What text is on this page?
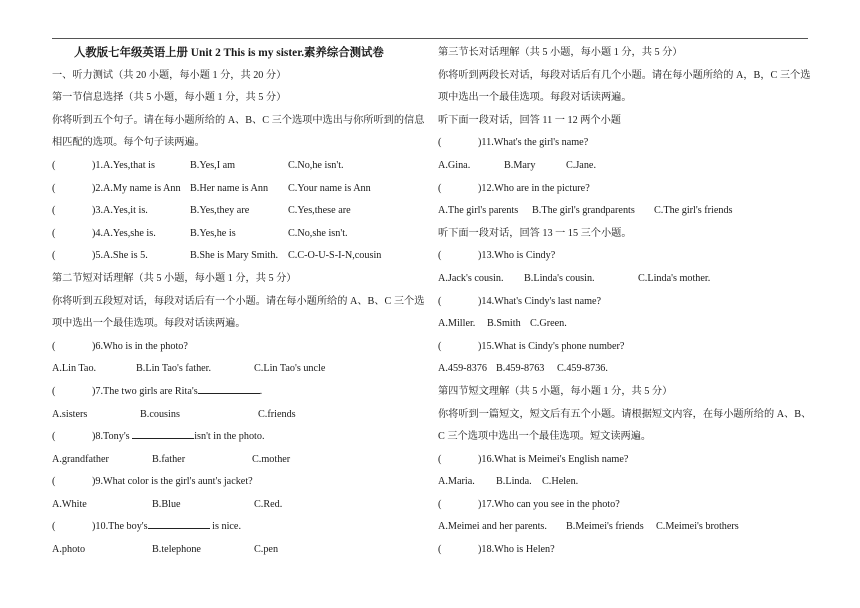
人教版七年级英语上册 Unit 2 This is my sister.素养综合测试卷
一、听力测试（共 20 小题，每小题 1 分，共 20 分）
第一节信息选择（共 5 小题，每小题 1 分，共 5 分）
你将听到五个句子。请在每小题所给的 A、B、C 三个选项中选出与你所听到的信息
相匹配的选项。每个句子读两遍。
(	)1.A.Yes,that is	B.Yes,I am	C.No,he isn't.
(	)2.A.My name is Ann B.Her name is Ann C.Your name is Ann
(	)3.A.Yes,it is.	B.Yes,they are	C.Yes,these are
(	)4.A.Yes,she is.	B.Yes,he is	C.No,she isn't.
(	)5.A.She is 5.	B.She is Mary Smith. C.C-O-U-S-I-N,cousin
第二节短对话理解（共 5 小题，每小题 1 分，共 5 分）
你将听到五段短对话，每段对话后有一个小题。请在每小题所给的 A、B、C 三个选
项中选出一个最佳选项。每段对话读两遍。
(	)6.Who is in the photo?
A.Lin Tao.	B.Lin Tao's father.	C.Lin Tao's uncle
(	)7.The two girls are Rita's	.
A.sisters	B.cousins	C.friends
(	)8.Tony's	isn't in the photo.
A.grandfather	B.father	C.mother
(	)9.What color is the girl's aunt's jacket?
A.White	B.Blue	C.Red.
(	)10.The boy's	is nice.
A.photo	B.telephone	C.pen
第三节长对话理解（共 5 小题，每小题 1 分，共 5 分）
你将听到两段长对话，每段对话后有几个小题。请在每小题所给的 A，B，C 三个选
项中选出一个最佳选项。每段对话读两遍。
听下面一段对话，回答 11 一 12 两个小题
(	)11.What's the girl's name?
A.Gina.	B.Mary	C.Jane.
(	)12.Who are in the picture?
A.The girl's parents B.The girl's grandparents C.The girl's friends
听下面一段对话，回答 13 一 15 三个小题。
(	)13.Who is Cindy?
A.Jack's cousin. B.Linda's cousin.	C.Linda's mother.
(	)14.What's Cindy's last name?
A.Miller. B.Smith C.Green.
(	)15.What is Cindy's phone number?
A.459-8376 B.459-8763 C.459-8736.
第四节短文理解（共 5 小题，每小题 1 分，共 5 分）
你将听到一篇短文，短文后有五个小题。请根据短文内容，在每小题所给的 A、B、
C 三个选项中选出一个最佳选项。短文读两遍。
(	)16.What is Meimei's English name?
A.Maria. B.Linda. C.Helen.
(	)17.Who can you see in the photo?
A.Meimei and her parents. B.Meimei's friends C.Meimei's brothers
(	)18.Who is Helen?
